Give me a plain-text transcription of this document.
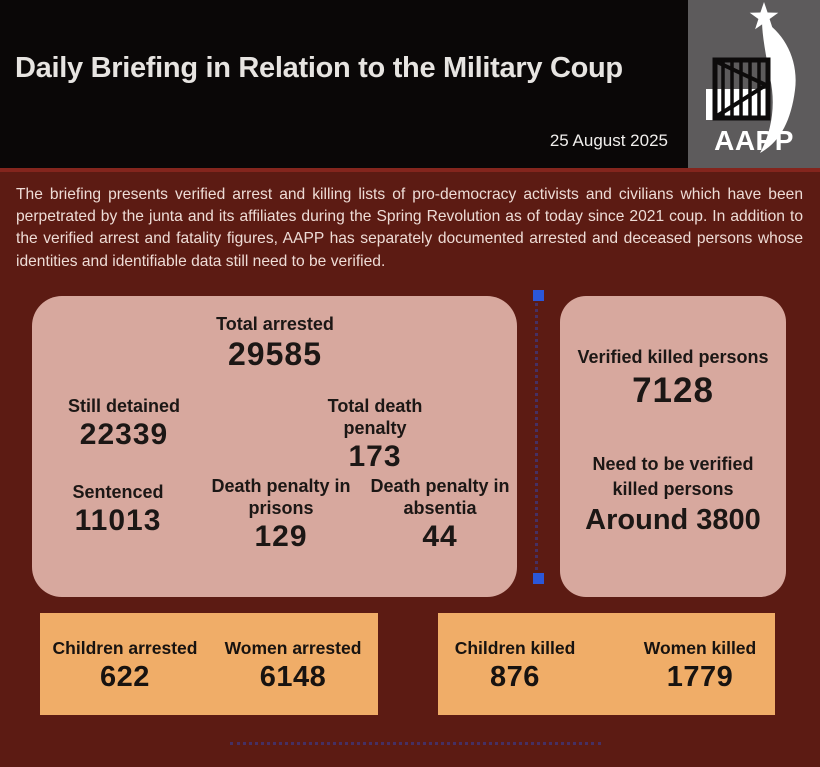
Daily Briefing in Relation to the Military Coup
25 August 2025	AAPP

The briefing presents verified arrest and killing lists of pro-democracy activists and civilians which have been perpetrated by the junta and its affiliates during the Spring Revolution as of today since 2021 coup. In addition to the verified arrest and fatality figures, AAPP has separately documented arrested and deceased persons whose identities and identifiable data still need to be verified.

Total arrested
29585
Still detained
22339
Total death penalty
173
Sentenced
11013
Death penalty in prisons
129
Death penalty in absentia
44
Verified killed persons
7128
Need to be verified killed persons
Around 3800
Children arrested
622
Women arrested
6148
Children killed
876
Women killed
1779
